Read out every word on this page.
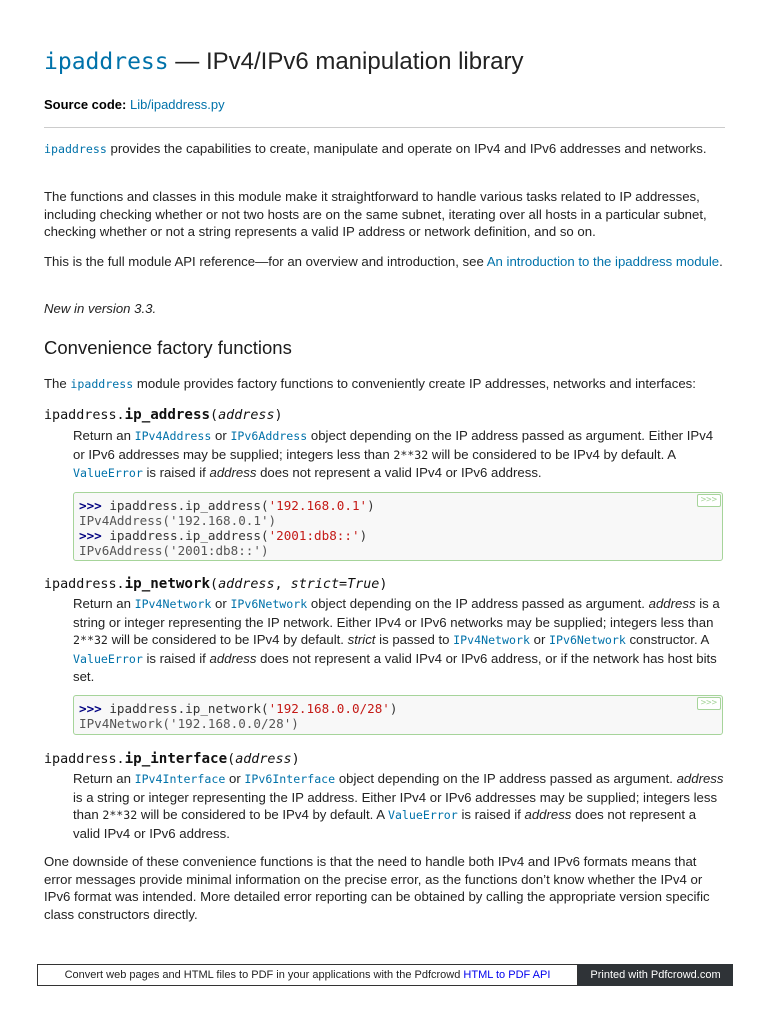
ipaddress — IPv4/IPv6 manipulation library
Source code: Lib/ipaddress.py

ipaddress provides the capabilities to create, manipulate and operate on IPv4 and IPv6 addresses and networks.

The functions and classes in this module make it straightforward to handle various tasks related to IP addresses, including checking whether or not two hosts are on the same subnet, iterating over all hosts in a particular subnet, checking whether or not a string represents a valid IP address or network definition, and so on.

This is the full module API reference—for an overview and introduction, see An introduction to the ipaddress module.

New in version 3.3.

Convenience factory functions

The ipaddress module provides factory functions to conveniently create IP addresses, networks and interfaces:

ipaddress.ip_address(address)
Return an IPv4Address or IPv6Address object depending on the IP address passed as argument. Either IPv4 or IPv6 addresses may be supplied; integers less than 2**32 will be considered to be IPv4 by default. A ValueError is raised if address does not represent a valid IPv4 or IPv6 address.
>>>
>>> ipaddress.ip_address('192.168.0.1')
IPv4Address('192.168.0.1')
>>> ipaddress.ip_address('2001:db8::')
IPv6Address('2001:db8::')
ipaddress.ip_network(address, strict=True)
Return an IPv4Network or IPv6Network object depending on the IP address passed as argument. address is a string or integer representing the IP network. Either IPv4 or IPv6 networks may be supplied; integers less than 2**32 will be considered to be IPv4 by default. strict is passed to IPv4Network or IPv6Network constructor. A ValueError is raised if address does not represent a valid IPv4 or IPv6 address, or if the network has host bits set.
>>>
>>> ipaddress.ip_network('192.168.0.0/28')
IPv4Network('192.168.0.0/28')
ipaddress.ip_interface(address)
Return an IPv4Interface or IPv6Interface object depending on the IP address passed as argument. address is a string or integer representing the IP address. Either IPv4 or IPv6 addresses may be supplied; integers less than 2**32 will be considered to be IPv4 by default. A ValueError is raised if address does not represent a valid IPv4 or IPv6 address.

One downside of these convenience functions is that the need to handle both IPv4 and IPv6 formats means that error messages provide minimal information on the precise error, as the functions don’t know whether the IPv4 or IPv6 format was intended. More detailed error reporting can be obtained by calling the appropriate version specific class constructors directly.

Convert web pages and HTML files to PDF in your applications with the Pdfcrowd HTML to PDF API	Printed with Pdfcrowd.com
